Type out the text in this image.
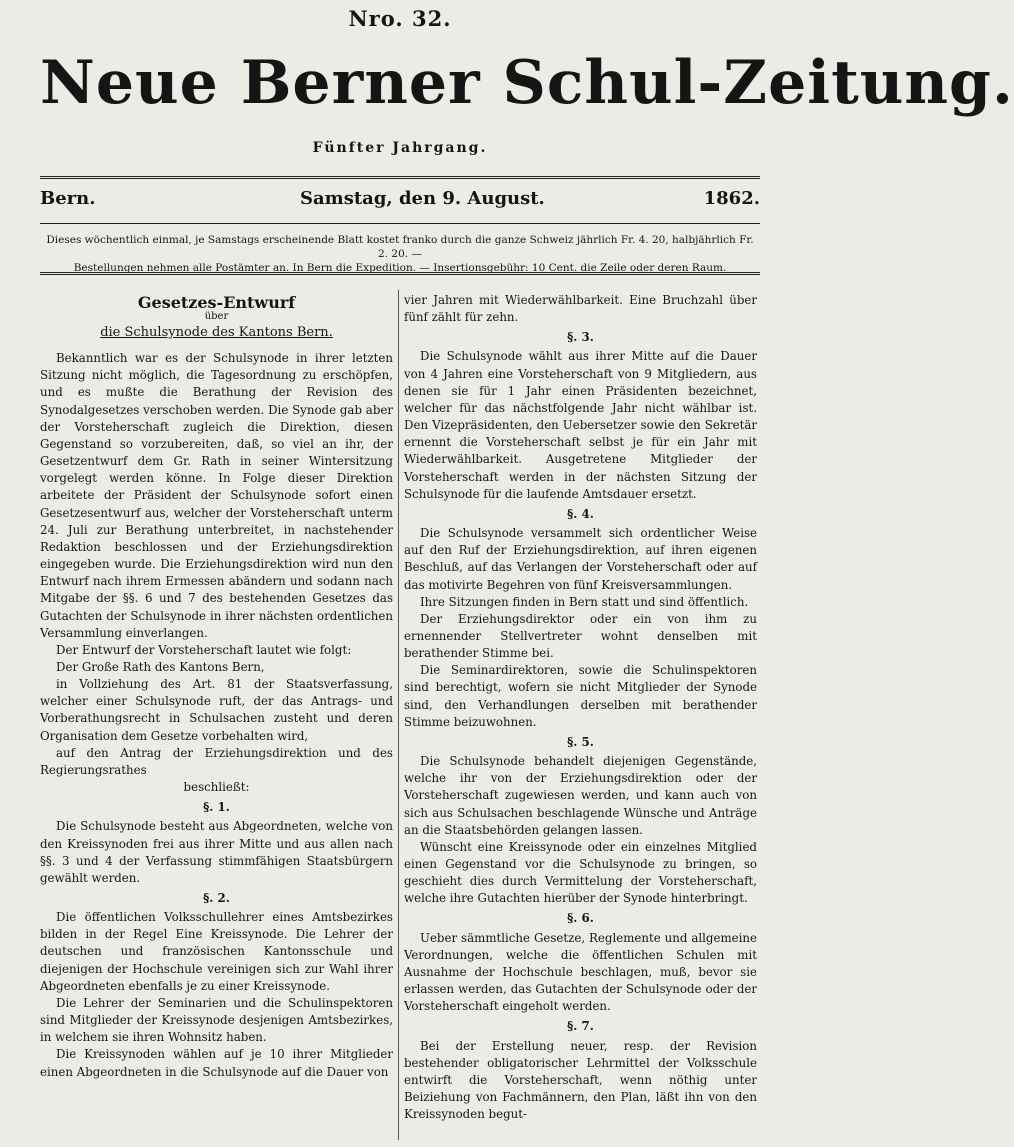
Nro. 32.
Neue Berner Schul-Zeitung.
Fünfter Jahrgang.
Bern.	Samstag, den 9. August.	1862.
Dieses wöchentlich einmal, je Samstags erscheinende Blatt kostet franko durch die ganze Schweiz jährlich Fr. 4. 20, halbjährlich Fr. 2. 20. —
Bestellungen nehmen alle Postämter an. In Bern die Expedition. — Insertionsgebühr: 10 Cent. die Zeile oder deren Raum.
Gesetzes-Entwurf
über
die Schulsynode des Kantons Bern.

Bekanntlich war es der Schulsynode in ihrer letzten Sitzung nicht möglich, die Tagesordnung zu erschöpfen, und es mußte die Berathung der Revision des Synodalgesetzes verschoben werden. Die Synode gab aber der Vorsteherschaft zugleich die Direktion, diesen Gegenstand so vorzubereiten, daß, so viel an ihr, der Gesetzentwurf dem Gr. Rath in seiner Wintersitzung vorgelegt werden könne. In Folge dieser Direktion arbeitete der Präsident der Schulsynode sofort einen Gesetzesentwurf aus, welcher der Vorsteherschaft unterm 24. Juli zur Berathung unterbreitet, in nachstehender Redaktion beschlossen und der Erziehungsdirektion eingegeben wurde. Die Erziehungsdirektion wird nun den Entwurf nach ihrem Ermessen abändern und sodann nach Mitgabe der §§. 6 und 7 des bestehenden Gesetzes das Gutachten der Schulsynode in ihrer nächsten ordentlichen Versammlung einverlangen.

Der Entwurf der Vorsteherschaft lautet wie folgt:

Der Große Rath des Kantons Bern,

in Vollziehung des Art. 81 der Staatsverfassung, welcher einer Schulsynode ruft, der das Antrags- und Vorberathungsrecht in Schulsachen zusteht und deren Organisation dem Gesetze vorbehalten wird,

auf den Antrag der Erziehungsdirektion und des Regierungsrathes

beschließt:

§. 1.

Die Schulsynode besteht aus Abgeordneten, welche von den Kreissynoden frei aus ihrer Mitte und aus allen nach §§. 3 und 4 der Verfassung stimmfähigen Staatsbürgern gewählt werden.

§. 2.

Die öffentlichen Volksschullehrer eines Amtsbezirkes bilden in der Regel Eine Kreissynode. Die Lehrer der deutschen und französischen Kantonsschule und diejenigen der Hochschule vereinigen sich zur Wahl ihrer Abgeordneten ebenfalls je zu einer Kreissynode.

Die Lehrer der Seminarien und die Schulinspektoren sind Mitglieder der Kreissynode desjenigen Amtsbezirkes, in welchem sie ihren Wohnsitz haben.

Die Kreissynoden wählen auf je 10 ihrer Mitglieder einen Abgeordneten in die Schulsynode auf die Dauer von

vier Jahren mit Wiederwählbarkeit. Eine Bruchzahl über fünf zählt für zehn.

§. 3.

Die Schulsynode wählt aus ihrer Mitte auf die Dauer von 4 Jahren eine Vorsteherschaft von 9 Mitgliedern, aus denen sie für 1 Jahr einen Präsidenten bezeichnet, welcher für das nächstfolgende Jahr nicht wählbar ist. Den Vizepräsidenten, den Uebersetzer sowie den Sekretär ernennt die Vorsteherschaft selbst je für ein Jahr mit Wiederwählbarkeit. Ausgetretene Mitglieder der Vorsteherschaft werden in der nächsten Sitzung der Schulsynode für die laufende Amtsdauer ersetzt.

§. 4.

Die Schulsynode versammelt sich ordentlicher Weise auf den Ruf der Erziehungsdirektion, auf ihren eigenen Beschluß, auf das Verlangen der Vorsteherschaft oder auf das motivirte Begehren von fünf Kreisversammlungen.

Ihre Sitzungen finden in Bern statt und sind öffentlich.

Der Erziehungsdirektor oder ein von ihm zu ernennender Stellvertreter wohnt denselben mit berathender Stimme bei.

Die Seminardirektoren, sowie die Schulinspektoren sind berechtigt, wofern sie nicht Mitglieder der Synode sind, den Verhandlungen derselben mit berathender Stimme beizuwohnen.

§. 5.

Die Schulsynode behandelt diejenigen Gegenstände, welche ihr von der Erziehungsdirektion oder der Vorsteherschaft zugewiesen werden, und kann auch von sich aus Schulsachen beschlagende Wünsche und Anträge an die Staatsbehörden gelangen lassen.

Wünscht eine Kreissynode oder ein einzelnes Mitglied einen Gegenstand vor die Schulsynode zu bringen, so geschieht dies durch Vermittelung der Vorsteherschaft, welche ihre Gutachten hierüber der Synode hinterbringt.

§. 6.

Ueber sämmtliche Gesetze, Reglemente und allgemeine Verordnungen, welche die öffentlichen Schulen mit Ausnahme der Hochschule beschlagen, muß, bevor sie erlassen werden, das Gutachten der Schulsynode oder der Vorsteherschaft eingeholt werden.

§. 7.

Bei der Erstellung neuer, resp. der Revision bestehender obligatorischer Lehrmittel der Volksschule entwirft die Vorsteherschaft, wenn nöthig unter Beiziehung von Fachmännern, den Plan, läßt ihn von den Kreissynoden begut-
